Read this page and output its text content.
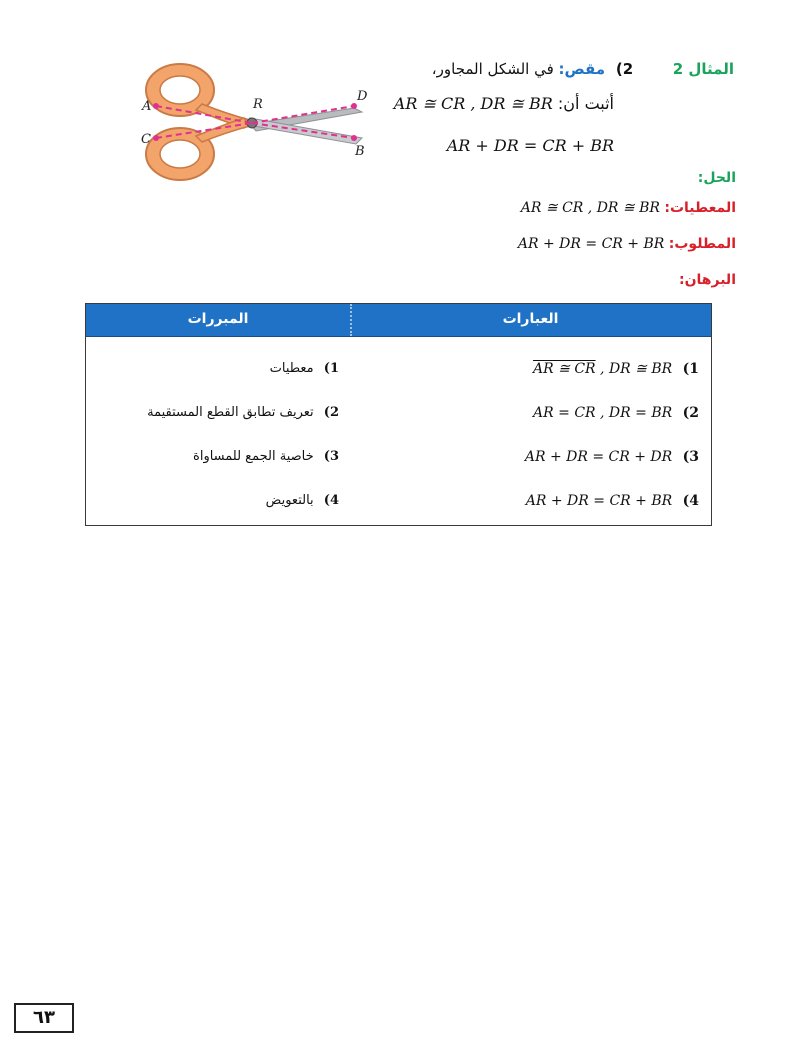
A
C
R
D
B
المثال 2  2) مقص: في الشكل المجاور،
أثبت أن: AR ≅ CR , DR ≅ BR
AR + DR = CR + BR
الحل:
المعطيات: AR ≅ CR , DR ≅ BR
المطلوب: AR + DR = CR + BR
البرهان:
العبارات
المبررات
1) AR ≅ CR , DR ≅ BR
1) معطيات
2) AR = CR , DR = BR
2) تعريف تطابق القطع المستقيمة
3) AR + DR = CR + DR
3) خاصية الجمع للمساواة
4) AR + DR = CR + BR
4) بالتعويض
٦٣
